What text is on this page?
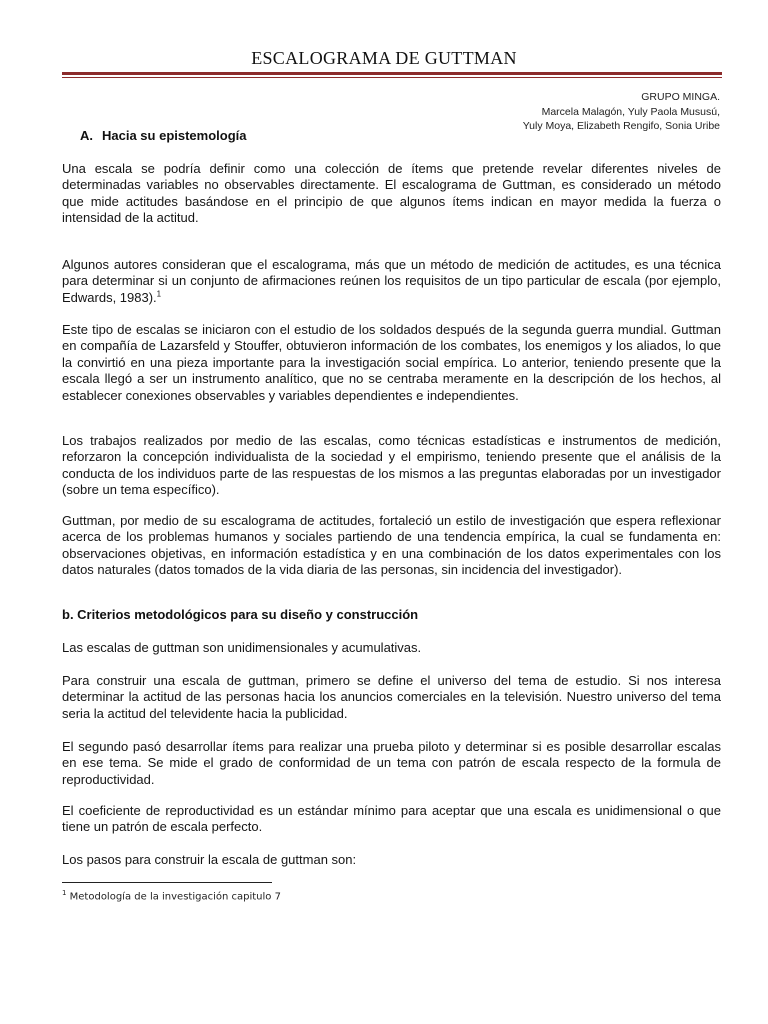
ESCALOGRAMA DE GUTTMAN
GRUPO MINGA.
Marcela Malagón, Yuly Paola Mususú,
Yuly Moya, Elizabeth Rengifo, Sonia Uribe
A. Hacia su epistemología
Una escala se podría definir como una colección de ítems que pretende revelar diferentes niveles de determinadas variables no observables directamente. El escalograma de Guttman, es considerado un método que mide actitudes basándose en el principio de que algunos ítems indican en mayor medida la fuerza o intensidad de la actitud.
Algunos autores consideran que el escalograma, más que un método de medición de actitudes, es una técnica para determinar si un conjunto de afirmaciones reúnen los requisitos de un tipo particular de escala (por ejemplo, Edwards, 1983).$^1$
Este tipo de escalas se iniciaron con el estudio de los soldados después de la segunda guerra mundial. Guttman en compañía de Lazarsfeld y Stouffer, obtuvieron información de los combates, los enemigos y los aliados, lo que la convirtió en una pieza importante para la investigación social empírica. Lo anterior, teniendo presente que la escala llegó a ser un instrumento analítico, que no se centraba meramente en la descripción de los hechos, al establecer conexiones observables y variables dependientes e independientes.
Los trabajos realizados por medio de las escalas, como técnicas estadísticas e instrumentos de medición, reforzaron la concepción individualista de la sociedad y el empirismo, teniendo presente que el análisis de la conducta de los individuos parte de las respuestas de los mismos a las preguntas elaboradas por un investigador (sobre un tema específico).
Guttman, por medio de su escalograma de actitudes, fortaleció un estilo de investigación que espera reflexionar acerca de los problemas humanos y sociales partiendo de una tendencia empírica, la cual se fundamenta en: observaciones objetivas, en información estadística y en una combinación de los datos experimentales con los datos naturales (datos tomados de la vida diaria de las personas, sin incidencia del investigador).
b. Criterios metodológicos para su diseño y construcción
Las escalas de guttman son unidimensionales y acumulativas.
Para construir una escala de guttman, primero se define el universo del tema de estudio. Si nos interesa determinar la actitud de las personas hacia los anuncios comerciales en la televisión. Nuestro universo del tema seria la actitud del televidente hacia la publicidad.
El segundo pasó desarrollar ítems para realizar una prueba piloto y determinar si es posible desarrollar escalas en ese tema. Se mide el grado de conformidad de un tema con patrón de escala respecto de la formula de reproductividad.
El coeficiente de reproductividad es un estándar mínimo para aceptar que una escala es unidimensional o que tiene un patrón de escala perfecto.
Los pasos para construir la escala de guttman son:
$^1$ Metodología de la investigación capitulo 7
